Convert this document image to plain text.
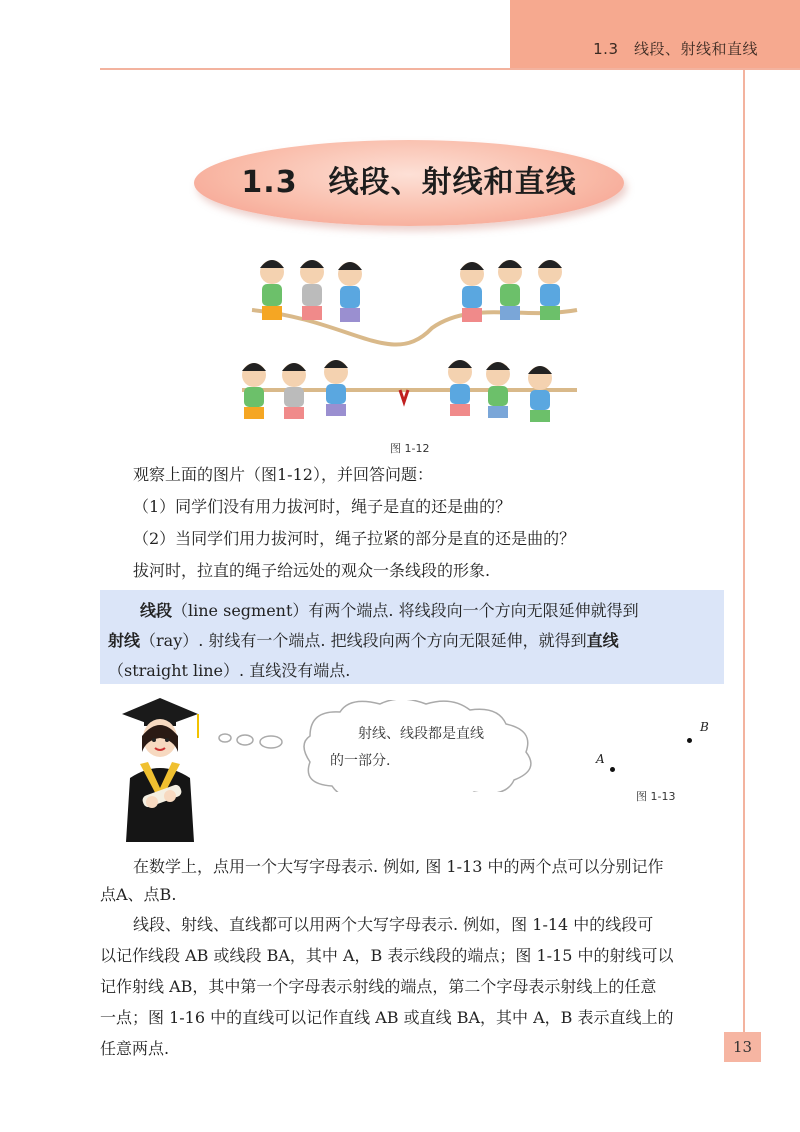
1.3　线段、射线和直线
1.3　线段、射线和直线
图 1-12
观察上面的图片（图1-12），并回答问题：
（1）同学们没有用力拔河时，绳子是直的还是曲的？
（2）当同学们用力拔河时，绳子拉紧的部分是直的还是曲的？
拔河时，拉直的绳子给远处的观众一条线段的形象.
线段（line segment）有两个端点. 将线段向一个方向无限延伸就得到
射线（ray）. 射线有一个端点. 把线段向两个方向无限延伸，就得到直线
（straight line）. 直线没有端点.
射线、线段都是直线
的一部分.
B
A
图 1-13
在数学上，点用一个大写字母表示. 例如, 图 1-13 中的两个点可以分别记作
点A、点B.
线段、射线、直线都可以用两个大写字母表示. 例如，图 1-14 中的线段可
以记作线段 AB 或线段 BA，其中 A，B 表示线段的端点；图 1-15 中的射线可以
记作射线 AB，其中第一个字母表示射线的端点，第二个字母表示射线上的任意
一点；图 1-16 中的直线可以记作直线 AB 或直线 BA，其中 A，B 表示直线上的
任意两点.	13
